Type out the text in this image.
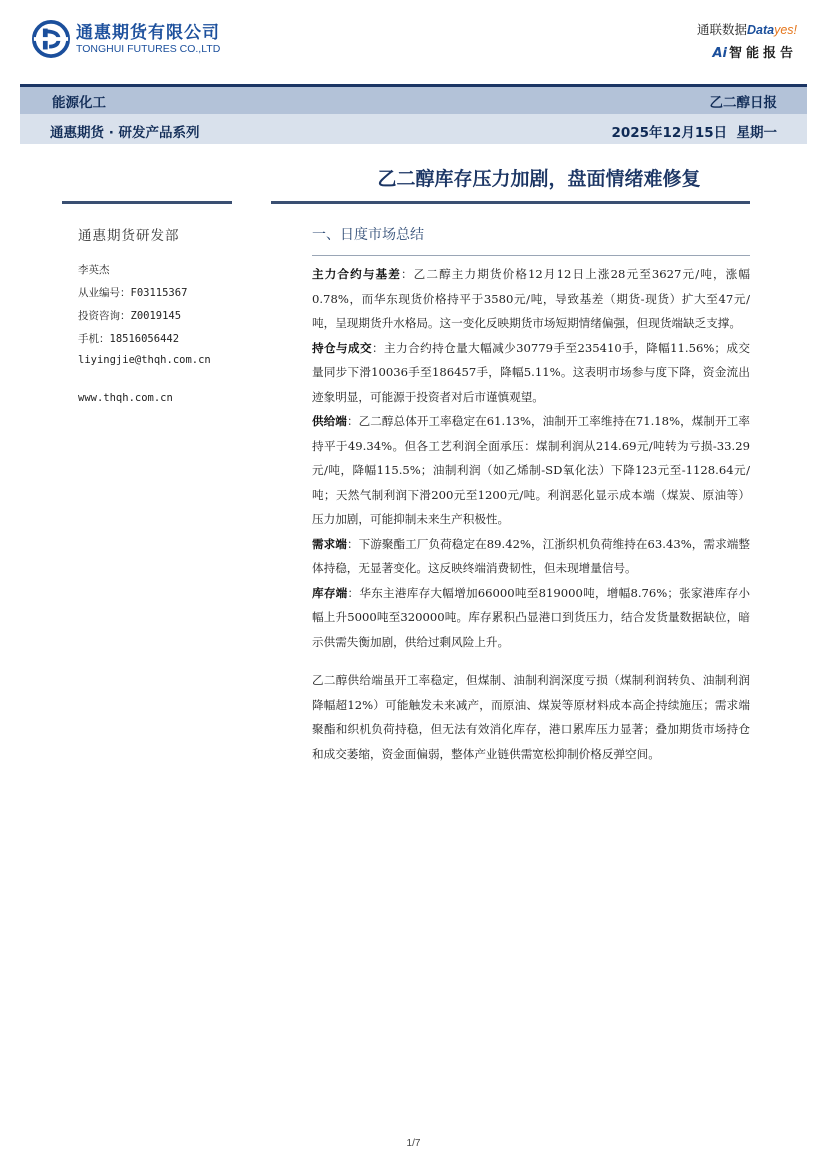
通惠期货有限公司
TONGHUI FUTURES CO.,LTD
通联数据Datayes!
Ai 智能报告
能源化工	乙二醇日报
通惠期货 · 研发产品系列	2025年12月15日  星期一
乙二醇库存压力加剧，盘面情绪难修复
通惠期货研发部
李英杰
从业编号：F03115367
投资咨询：Z0019145
手机：18516056442
liyingjie@thqh.com.cn
www.thqh.com.cn
一、日度市场总结

主力合约与基差：乙二醇主力期货价格12月12日上涨28元至3627元/吨，涨幅0.78%，而华东现货价格持平于3580元/吨，导致基差（期货-现货）扩大至47元/吨，呈现期货升水格局。这一变化反映期货市场短期情绪偏强，但现货端缺乏支撑。

持仓与成交：主力合约持仓量大幅减少30779手至235410手，降幅11.56%；成交量同步下滑10036手至186457手，降幅5.11%。这表明市场参与度下降，资金流出迹象明显，可能源于投资者对后市谨慎观望。

供给端：乙二醇总体开工率稳定在61.13%，油制开工率维持在71.18%，煤制开工率持平于49.34%。但各工艺利润全面承压：煤制利润从214.69元/吨转为亏损-33.29元/吨，降幅115.5%；油制利润（如乙烯制-SD氧化法）下降123元至-1128.64元/吨；天然气制利润下滑200元至1200元/吨。利润恶化显示成本端（煤炭、原油等）压力加剧，可能抑制未来生产积极性。

需求端：下游聚酯工厂负荷稳定在89.42%，江浙织机负荷维持在63.43%，需求端整体持稳，无显著变化。这反映终端消费韧性，但未现增量信号。

库存端：华东主港库存大幅增加66000吨至819000吨，增幅8.76%；张家港库存小幅上升5000吨至320000吨。库存累积凸显港口到货压力，结合发货量数据缺位，暗示供需失衡加剧，供给过剩风险上升。

乙二醇供给端虽开工率稳定，但煤制、油制利润深度亏损（煤制利润转负、油制利润降幅超12%）可能触发未来减产，而原油、煤炭等原材料成本高企持续施压；需求端聚酯和织机负荷持稳，但无法有效消化库存，港口累库压力显著；叠加期货市场持仓和成交萎缩，资金面偏弱，整体产业链供需宽松抑制价格反弹空间。

1/7
